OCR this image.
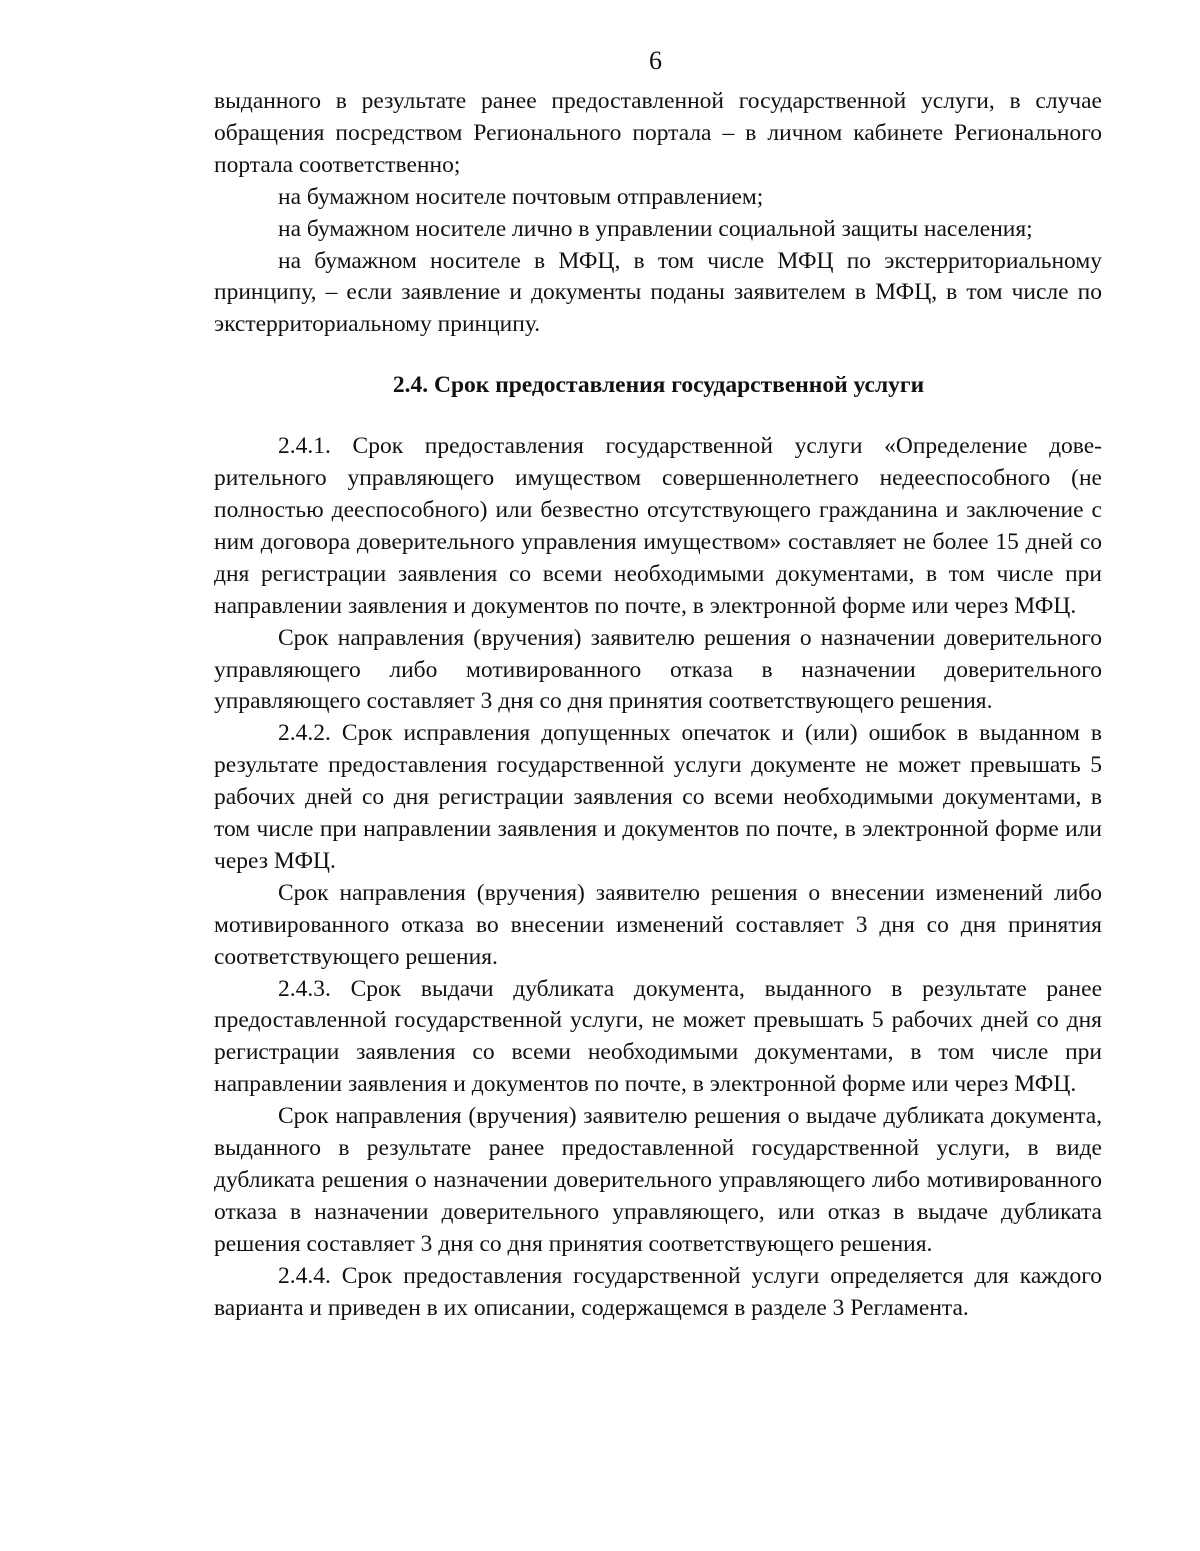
6

выданного в результате ранее предоставленной государственной услуги, в случае обращения посредством Регионального портала – в личном кабинете Регионального портала соответственно;

на бумажном носителе почтовым отправлением;

на бумажном носителе лично в управлении социальной защиты населения;

на бумажном носителе в МФЦ, в том числе МФЦ по экстерриториальному принципу, – если заявление и документы поданы заявителем в МФЦ, в том числе по экстерриториальному принципу.

2.4. Срок предоставления государственной услуги

2.4.1. Срок предоставления государственной услуги «Определение доверительного управляющего имуществом совершеннолетнего недееспособного (не полностью дееспособного) или безвестно отсутствующего гражданина и заключение с ним договора доверительного управления имуществом» составляет не более 15 дней со дня регистрации заявления со всеми необходимыми документами, в том числе при направлении заявления и документов по почте, в электронной форме или через МФЦ.

Срок направления (вручения) заявителю решения о назначении доверительного управляющего либо мотивированного отказа в назначении доверительного управляющего составляет 3 дня со дня принятия соответствующего решения.

2.4.2. Срок исправления допущенных опечаток и (или) ошибок в выданном в результате предоставления государственной услуги документе не может превышать 5 рабочих дней со дня регистрации заявления со всеми необходимыми документами, в том числе при направлении заявления и документов по почте, в электронной форме или через МФЦ.

Срок направления (вручения) заявителю решения о внесении изменений либо мотивированного отказа во внесении изменений составляет 3 дня со дня принятия соответствующего решения.

2.4.3. Срок выдачи дубликата документа, выданного в результате ранее предоставленной государственной услуги, не может превышать 5 рабочих дней со дня регистрации заявления со всеми необходимыми документами, в том числе при направлении заявления и документов по почте, в электронной форме или через МФЦ.

Срок направления (вручения) заявителю решения о выдаче дубликата документа, выданного в результате ранее предоставленной государственной услуги, в виде дубликата решения о назначении доверительного управляющего либо мотивированного отказа в назначении доверительного управляющего, или отказ в выдаче дубликата решения составляет 3 дня со дня принятия соответствующего решения.

2.4.4. Срок предоставления государственной услуги определяется для каждого варианта и приведен в их описании, содержащемся в разделе 3 Регламента.
